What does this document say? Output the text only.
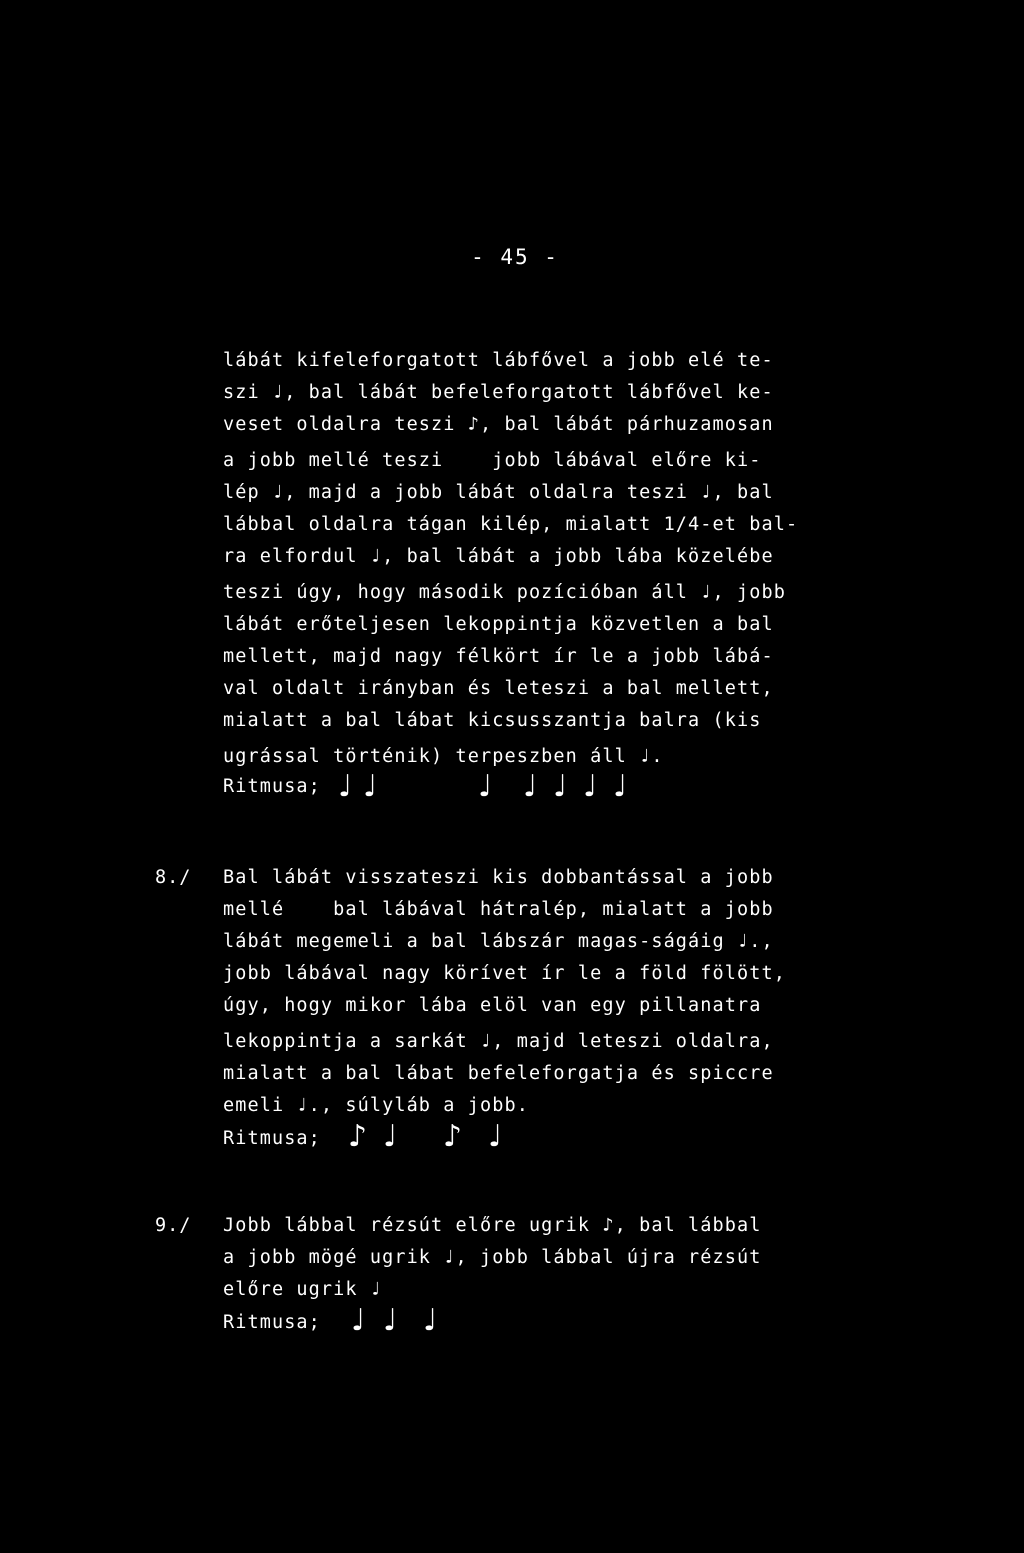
- 45 -
lábát kifeleforgatott lábfővel a jobb elé te-
szi ♩, bal lábát befeleforgatott lábfővel ke-
veset oldalra teszi ♪, bal lábát párhuzamosan
a jobb mellé teszi    jobb lábával előre ki-
lép ♩, majd a jobb lábát oldalra teszi ♩, bal
lábbal oldalra tágan kilép, mialatt 1/4-et bal-
ra elfordul ♩, bal lábát a jobb lába közelébe
teszi úgy, hogy második pozícióban áll ♩, jobb
lábát erőteljesen lekoppintja közvetlen a bal
mellett, majd nagy félkört ír le a jobb lábá-
val oldalt irányban és leteszi a bal mellett,
mialatt a bal lábat kicsusszantja balra (kis
ugrással történik) terpeszben áll ♩.
Ritmusa; ♩ ♩	♩ ♩ ♩ ♩ ♩
8./ Bal lábát visszateszi kis dobbantással a jobb
mellé    bal lábával hátralép, mialatt a jobb
lábát megemeli a bal lábszár magas-ságáig ♩.,
jobb lábával nagy körívet ír le a föld fölött,
úgy, hogy mikor lába elöl van egy pillanatra
lekoppintja a sarkát ♩, majd leteszi oldalra,
mialatt a bal lábat befeleforgatja és spiccre
emeli ♩., súlyláb a jobb.
Ritmusa; ♪ ♩ ♪ ♩
9./ Jobb lábbal rézsút előre ugrik ♪, bal lábbal
a jobb mögé ugrik ♩, jobb lábbal újra rézsút
előre ugrik ♩
Ritmusa; ♩ ♩ ♩
